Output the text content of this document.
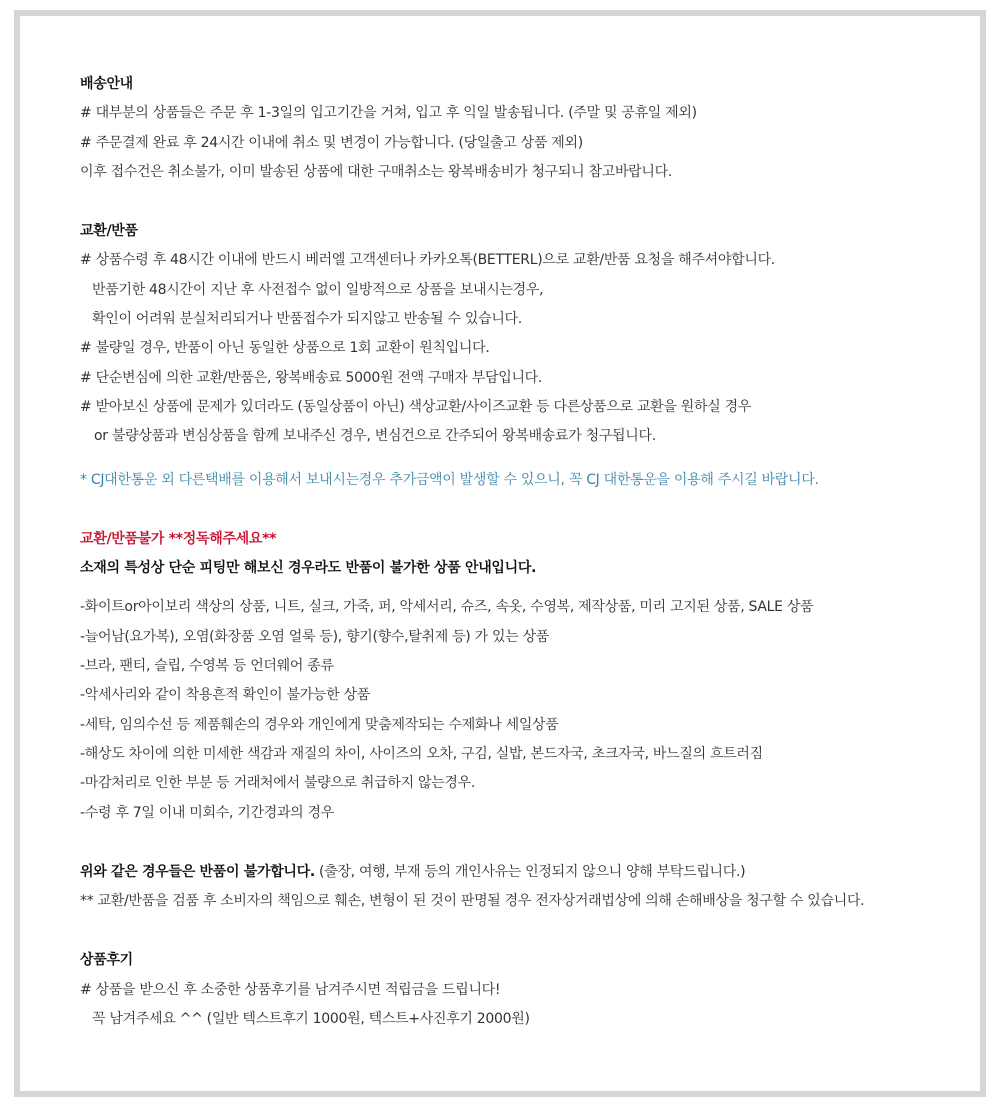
배송안내
# 대부분의 상품들은 주문 후 1-3일의 입고기간을 거쳐, 입고 후 익일 발송됩니다. (주말 및 공휴일 제외)
# 주문결제 완료 후 24시간 이내에 취소 및 변경이 가능합니다. (당일출고 상품 제외)
이후 접수건은 취소불가, 이미 발송된 상품에 대한 구매취소는 왕복배송비가 청구되니 참고바랍니다.
교환/반품
# 상품수령 후 48시간 이내에 반드시 베러엘 고객센터나 카카오톡(BETTERL)으로 교환/반품 요청을 해주셔야합니다.
반품기한 48시간이 지난 후 사전접수 없이 일방적으로 상품을 보내시는경우,
확인이 어려워 분실처리되거나 반품접수가 되지않고 반송될 수 있습니다.
# 불량일 경우, 반품이 아닌 동일한 상품으로 1회 교환이 원칙입니다.
# 단순변심에 의한 교환/반품은, 왕복배송료 5000원 전액 구매자 부담입니다.
# 받아보신 상품에 문제가 있더라도 (동일상품이 아닌) 색상교환/사이즈교환 등 다른상품으로 교환을 원하실 경우
or 불량상품과 변심상품을 함께 보내주신 경우, 변심건으로 간주되어 왕복배송료가 청구됩니다.
* CJ대한통운 외 다른택배를 이용해서 보내시는경우 추가금액이 발생할 수 있으니, 꼭 CJ 대한통운을 이용해 주시길 바랍니다.
교환/반품불가 **정독해주세요**
소재의 특성상 단순 피팅만 해보신 경우라도 반품이 불가한 상품 안내입니다.
-화이트or아이보리 색상의 상품, 니트, 실크, 가죽, 퍼, 악세서리, 슈즈, 속옷, 수영복, 제작상품, 미리 고지된 상품, SALE 상품
-늘어남(요가복), 오염(화장품 오염 얼룩 등), 향기(향수,탈취제 등) 가 있는 상품
-브라, 팬티, 슬립, 수영복 등 언더웨어 종류
-악세사리와 같이 착용흔적 확인이 불가능한 상품
-세탁, 임의수선 등 제품훼손의 경우와 개인에게 맞춤제작되는 수제화나 세일상품
-해상도 차이에 의한 미세한 색감과 재질의 차이, 사이즈의 오차, 구김, 실밥, 본드자국, 초크자국, 바느질의 흐트러짐
-마감처리로 인한 부분 등 거래처에서 불량으로 취급하지 않는경우.
-수령 후 7일 이내 미회수, 기간경과의 경우
위와 같은 경우들은 반품이 불가합니다. (출장, 여행, 부재 등의 개인사유는 인정되지 않으니 양해 부탁드립니다.)
** 교환/반품을 검품 후 소비자의 책임으로 훼손, 변형이 된 것이 판명될 경우 전자상거래법상에 의해 손해배상을 청구할 수 있습니다.
상품후기
# 상품을 받으신 후 소중한 상품후기를 남겨주시면 적립금을 드립니다!
꼭 남겨주세요 ^^ (일반 텍스트후기 1000원, 텍스트+사진후기 2000원)
